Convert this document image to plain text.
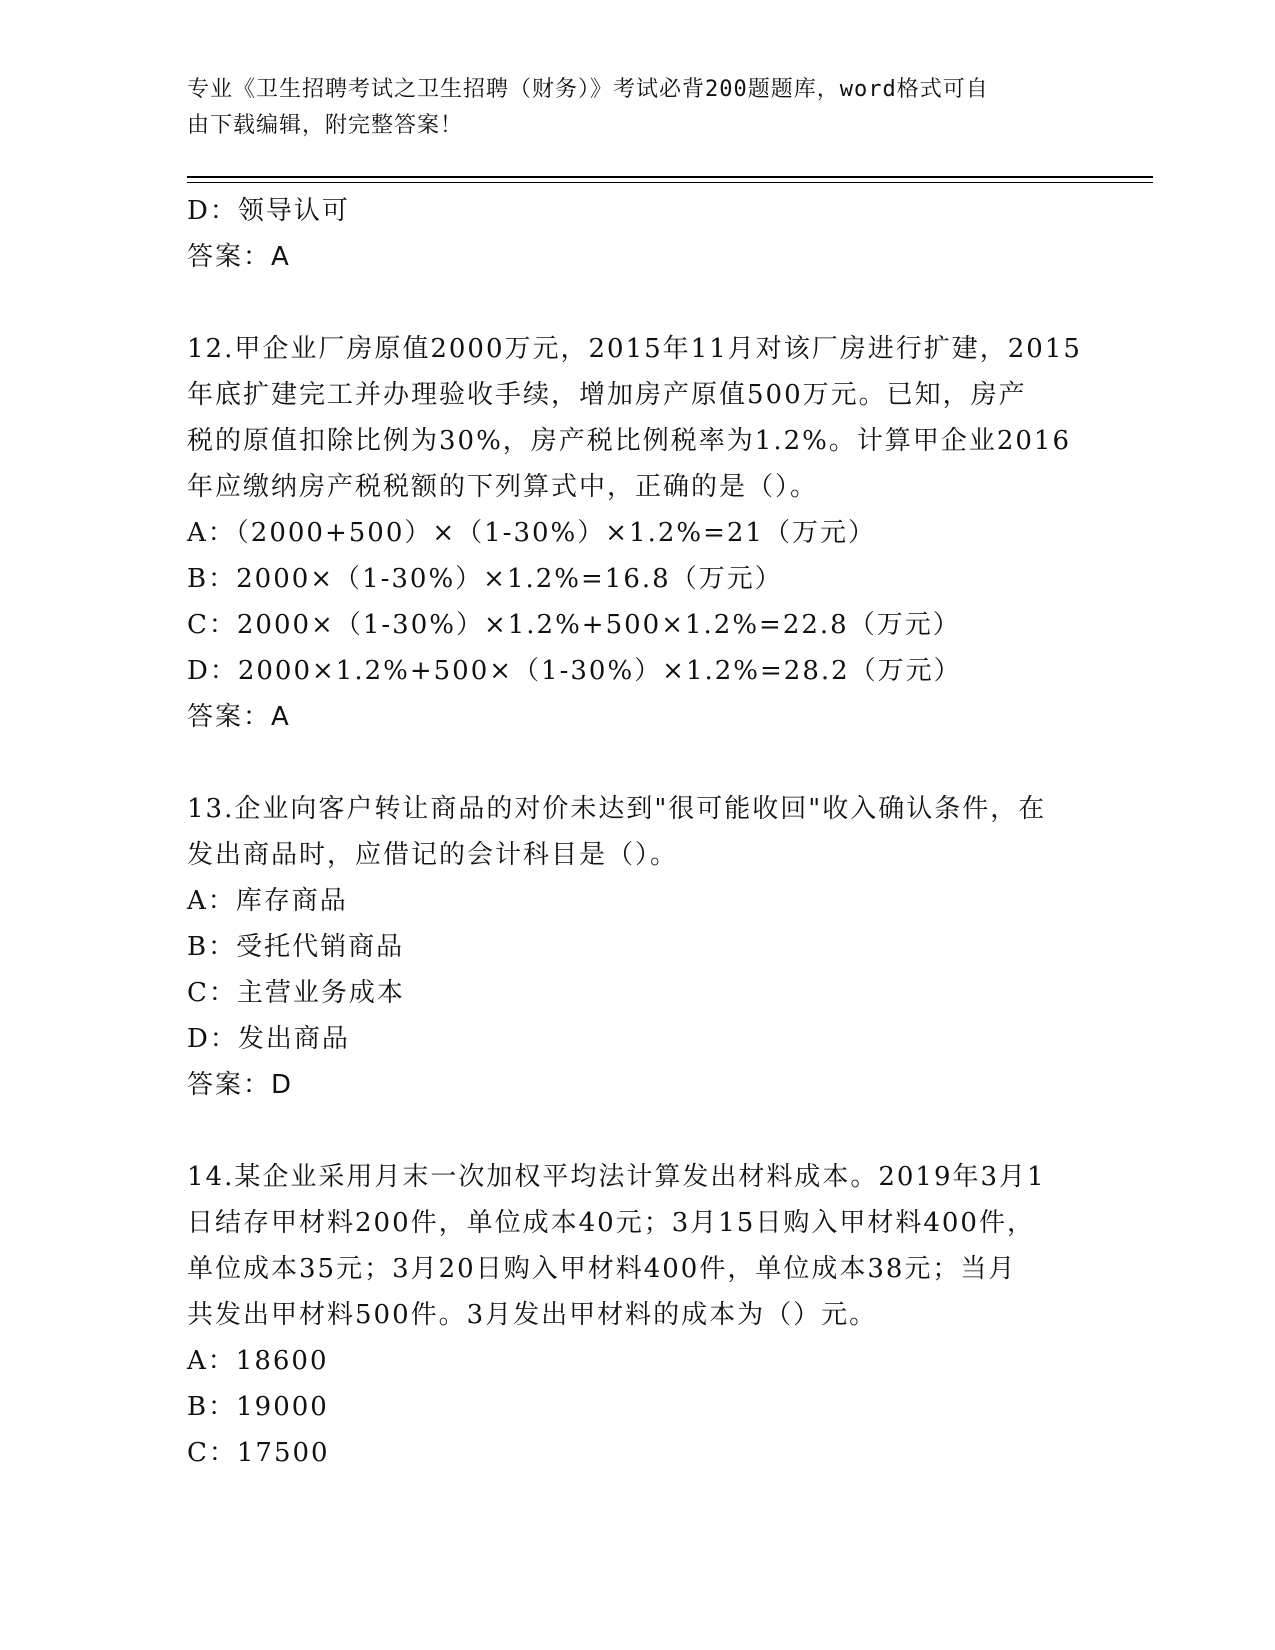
专业《卫生招聘考试之卫生招聘（财务）》考试必背200题题库，word格式可自
由下载编辑，附完整答案！
D：领导认可
答案：A
12.甲企业厂房原值2000万元，2015年11月对该厂房进行扩建，2015
年底扩建完工并办理验收手续，增加房产原值500万元。已知，房产
税的原值扣除比例为30%，房产税比例税率为1.2%。计算甲企业2016
年应缴纳房产税税额的下列算式中，正确的是（）。
A：（2000+500）×（1-30%）×1.2%=21（万元）
B：2000×（1-30%）×1.2%=16.8（万元）
C：2000×（1-30%）×1.2%+500×1.2%=22.8（万元）
D：2000×1.2%+500×（1-30%）×1.2%=28.2（万元）
答案：A
13.企业向客户转让商品的对价未达到"很可能收回"收入确认条件，在
发出商品时，应借记的会计科目是（）。
A：库存商品
B：受托代销商品
C：主营业务成本
D：发出商品
答案：D
14.某企业采用月末一次加权平均法计算发出材料成本。2019年3月1
日结存甲材料200件，单位成本40元；3月15日购入甲材料400件，
单位成本35元；3月20日购入甲材料400件，单位成本38元；当月
共发出甲材料500件。3月发出甲材料的成本为（）元。
A：18600
B：19000
C：17500
